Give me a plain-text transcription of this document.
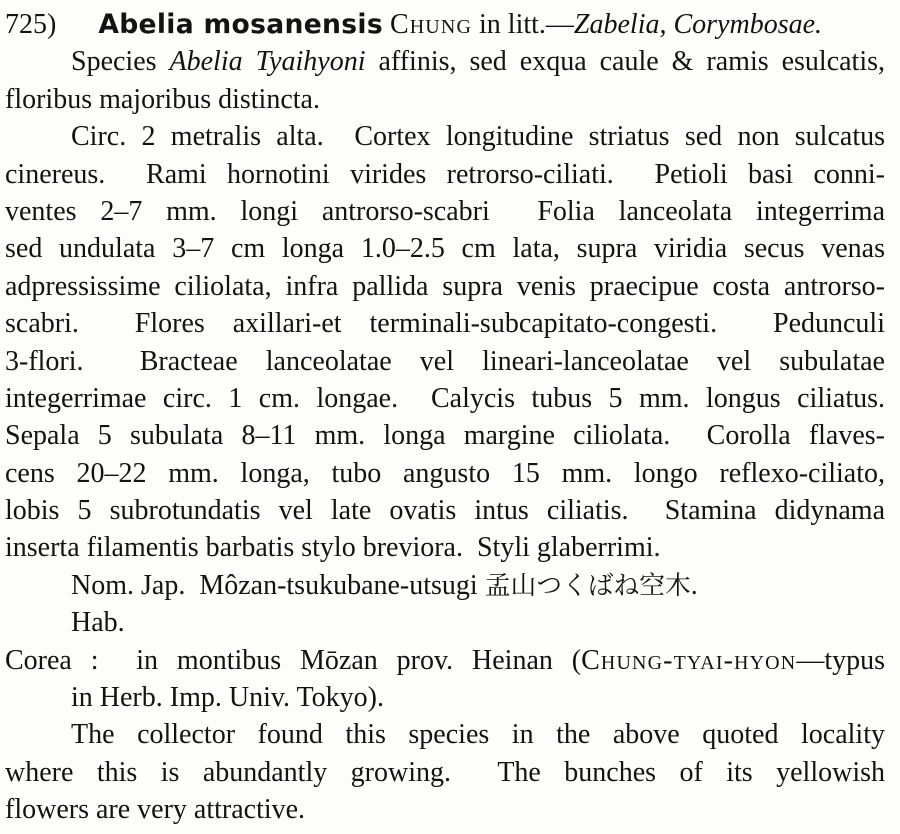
725)  Abelia mosanensis Chung in litt.—Zabelia, Corymbosae.
Species Abelia Tyaihyoni affinis, sed exqua caule & ramis esulcatis,
floribus majoribus distincta.
Circ. 2 metralis alta.  Cortex longitudine striatus sed non sulcatus
cinereus.  Rami hornotini virides retrorso-ciliati.  Petioli basi conni-
ventes 2–7 mm. longi antrorso-scabri  Folia lanceolata integerrima
sed undulata 3–7 cm longa 1.0–2.5 cm lata, supra viridia secus venas
adpressissime ciliolata, infra pallida supra venis praecipue costa antrorso-
scabri.  Flores axillari-et terminali-subcapitato-congesti.  Pedunculi
3-flori.  Bracteae lanceolatae vel lineari-lanceolatae vel subulatae
integerrimae circ. 1 cm. longae.  Calycis tubus 5 mm. longus ciliatus.
Sepala 5 subulata 8–11 mm. longa margine ciliolata.  Corolla flaves-
cens 20–22 mm. longa, tubo angusto 15 mm. longo reflexo-ciliato,
lobis 5 subrotundatis vel late ovatis intus ciliatis.  Stamina didynama
inserta filamentis barbatis stylo breviora.  Styli glaberrimi.
Nom. Jap.  Môzan-tsukubane-utsugi 孟山つくばね空木.
Hab.
Corea :  in montibus Mōzan prov. Heinan (Chung-tyai-hyon—typus
in Herb. Imp. Univ. Tokyo).
The collector found this species in the above quoted locality
where this is abundantly growing.  The bunches of its yellowish
flowers are very attractive.
